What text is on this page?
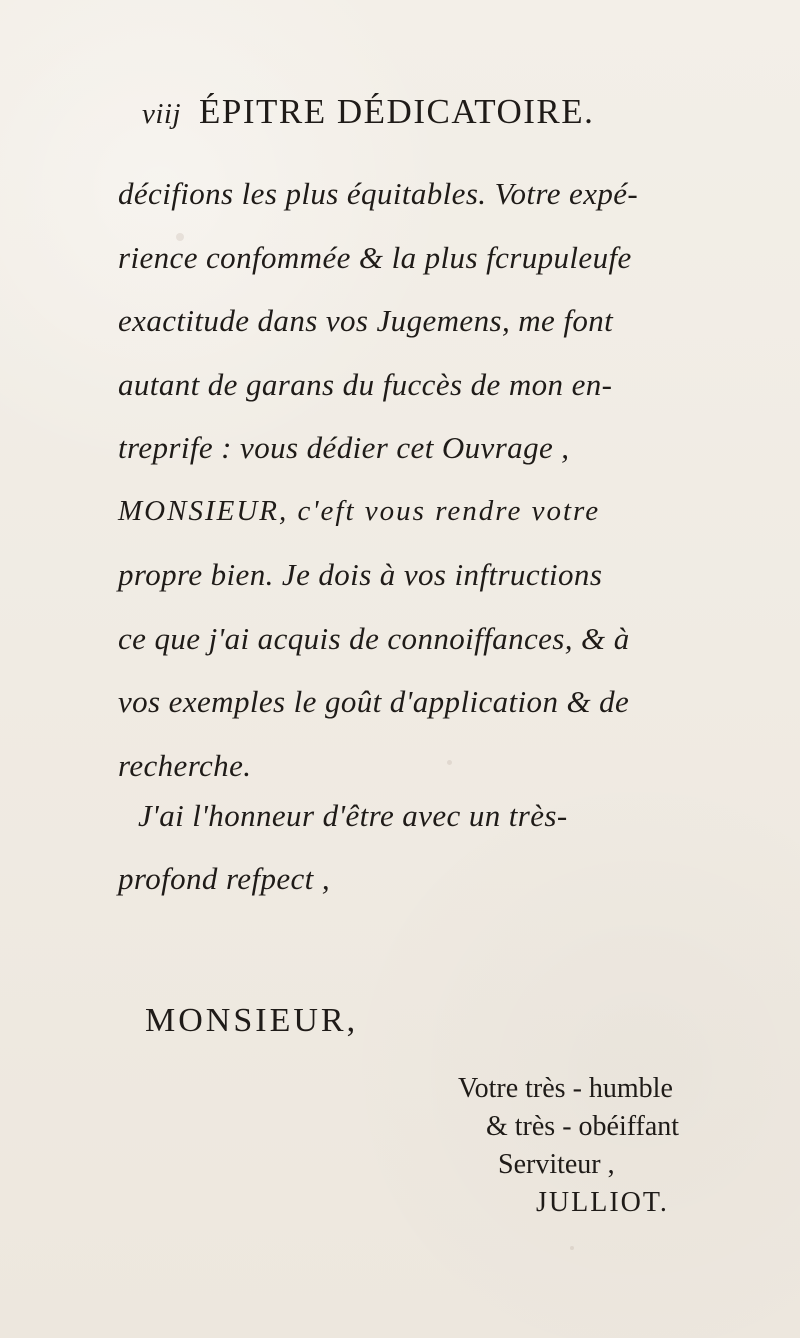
viij ÉPITRE DÉDICATOIRE.
décifions les plus équitables. Votre expé-
rience confommée & la plus fcrupuleufe
exactitude dans vos Jugemens, me font
autant de garans du fuccès de mon en-
treprife : vous dédier cet Ouvrage ,
MONSIEUR, c'eft vous rendre votre
propre bien. Je dois à vos inftructions
ce que j'ai acquis de connoiffances, & à
vos exemples le goût d'application & de
recherche.
J'ai l'honneur d'être avec un très-
profond refpect ,
MONSIEUR,
Votre très - humble
& très - obéiffant
Serviteur ,
JULLIOT.
